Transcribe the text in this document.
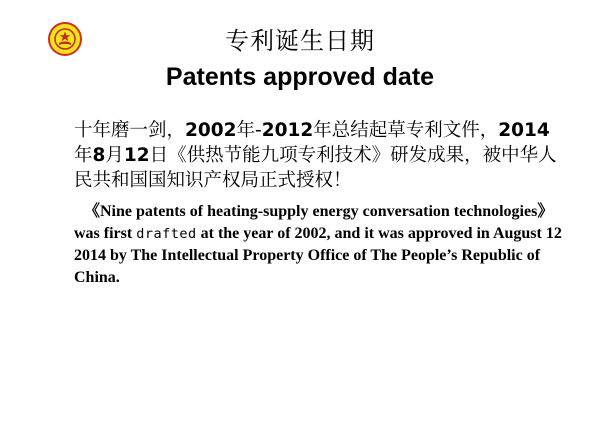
专利诞生日期
Patents approved date

十年磨一剑，2002年-2012年总结起草专利文件，2014年8月12日《供热节能九项专利技术》研发成果，被中华人民共和国国知识产权局正式授权！

《Nine patents of heating-supply energy conversation technologies》 was first drafted at the year of 2002, and it was approved in August 12 2014 by The Intellectual Property Office of The People’s Republic of China.
